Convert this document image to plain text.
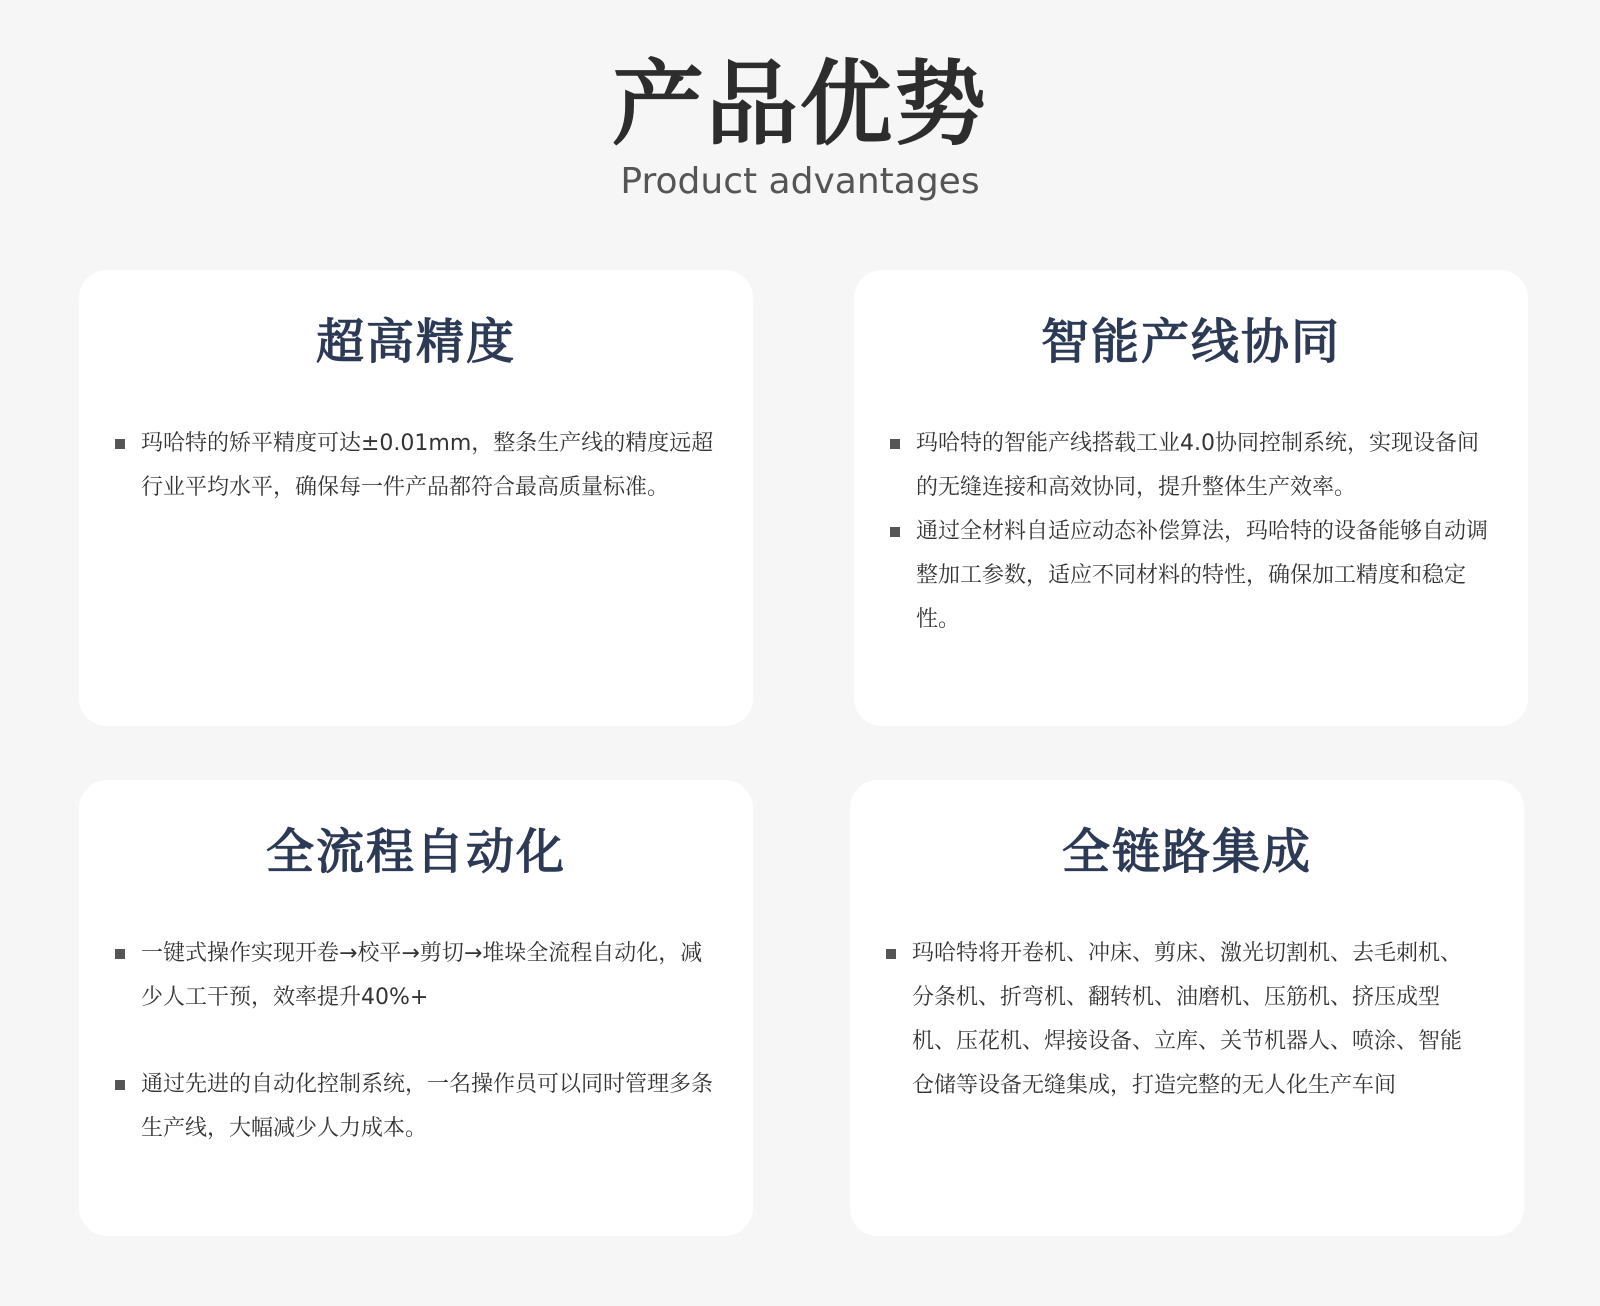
产品优势
Product advantages
超高精度
玛哈特的矫平精度可达±0.01mm，整条生产线的精度远超行业平均水平，确保每一件产品都符合最高质量标准。
智能产线协同
玛哈特的智能产线搭载工业4.0协同控制系统，实现设备间的无缝连接和高效协同，提升整体生产效率。
通过全材料自适应动态补偿算法，玛哈特的设备能够自动调整加工参数，适应不同材料的特性，确保加工精度和稳定性。
全流程自动化
一键式操作实现开卷→校平→剪切→堆垛全流程自动化，减少人工干预，效率提升40%+
通过先进的自动化控制系统，一名操作员可以同时管理多条生产线，大幅减少人力成本。
全链路集成
玛哈特将开卷机、冲床、剪床、激光切割机、去毛刺机、分条机、折弯机、翻转机、油磨机、压筋机、挤压成型机、压花机、焊接设备、立库、关节机器人、喷涂、智能仓储等设备无缝集成，打造完整的无人化生产车间
